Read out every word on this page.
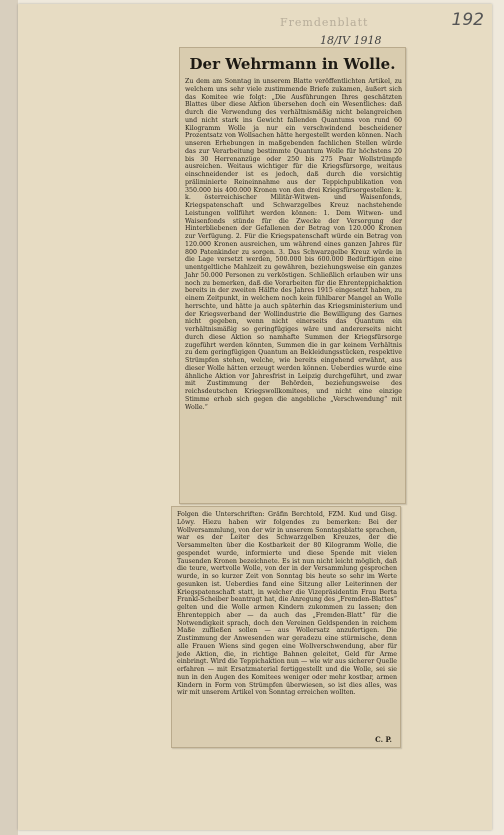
Fremdenblatt
18/IV 1918
192
Der Wehrmann in Wolle.

Zu dem am Sonntag in unserem Blatte veröffentlichten Artikel, zu welchem uns sehr viele zustimmende Briefe zukamen, äußert sich das Komitee wie folgt: „Die Ausführungen Ihres geschätzten Blattes über diese Aktion übersehen doch ein Wesentliches: daß durch die Verwendung des verhältnismäßig nicht belangreichen und nicht stark ins Gewicht fallenden Quantums von rund 60 Kilogramm Wolle ja nur ein verschwindend bescheidener Prozentsatz von Wollsachen hätte hergestellt werden können. Nach unseren Erhebungen in maßgebenden fachlichen Stellen würde das zur Verarbeitung bestimmte Quantum Wolle für höchstens 20 bis 30 Herrenanzüge oder 250 bis 275 Paar Wollstrümpfe ausreichen. Weitaus wichtiger für die Kriegsfürsorge, weitaus einschneidender ist es jedoch, daß durch die vorsichtig präliminierte Reineinnahme aus der Teppichpublikation von 350.000 bis 400.000 Kronen von den drei Kriegsfürsorgestellen: k. k. österreichischer Militär-Witwen- und Waisenfonds, Kriegspatenschaft und Schwarzgelbes Kreuz nachstehende Leistungen vollführt werden können: 1. Dem Witwen- und Waisenfonds stünde für die Zwecke der Versorgung der Hinterbliebenen der Gefallenen der Betrag von 120.000 Kronen zur Verfügung. 2. Für die Kriegspatenschaft würde ein Betrag von 120.000 Kronen ausreichen, um während eines ganzen Jahres für 800 Patenkinder zu sorgen. 3. Das Schwarzgelbe Kreuz würde in die Lage versetzt werden, 500.000 bis 600.000 Bedürftigen eine unentgeltliche Mahlzeit zu gewähren, beziehungsweise ein ganzes Jahr 50.000 Personen zu verköstigen. Schließlich erlauben wir uns noch zu bemerken, daß die Vorarbeiten für die Ehrenteppichaktion bereits in der zweiten Hälfte des Jahres 1915 eingesetzt haben, zu einem Zeitpunkt, in welchem noch kein fühlbarer Mangel an Wolle herrschte, und hätte ja auch späterhin das Kriegsministerium und der Kriegsverband der Wollindustrie die Bewilligung des Garnes nicht gegeben, wenn nicht einerseits das Quantum ein verhältnismäßig so geringfügiges wäre und andererseits nicht durch diese Aktion so namhafte Summen der Kriegsfürsorge zugeführt werden könnten, Summen die in gar keinem Verhältnis zu dem geringfügigen Quantum an Bekleidungsstücken, respektive Strümpfen stehen, welche, wie bereits eingehend erwähnt, aus dieser Wolle hätten erzeugt werden können. Ueberdies wurde eine ähnliche Aktion vor Jahresfrist in Leipzig durchgeführt, und zwar mit Zustimmung der Behörden, beziehungsweise des reichsdeutschen Kriegswollkomitees, und nicht eine einzige Stimme erhob sich gegen die angebliche „Verschwendung“ mit Wolle.“

Folgen die Unterschriften: Gräfin Berchtold, FZM. Kud und Gisg. Löwy. Hiezu haben wir folgendes zu bemerken: Bei der Wollversammlung, von der wir in unserem Sonntagsblatte sprachen, war es der Leiter des Schwarzgelben Kreuzes, der die Versammelten über die Kostbarkeit der 80 Kilogramm Wolle, die gespendet wurde, informierte und diese Spende mit vielen Tausenden Kronen bezeichnete. Es ist nun nicht leicht möglich, daß die teure, wertvolle Wolle, von der in der Versammlung gesprochen wurde, in so kurzer Zeit von Sonntag bis heute so sehr im Werte gesunken ist. Ueberdies fand eine Sitzung aller Leiterinnen der Kriegspatenschaft statt, in welcher die Vizepräsidentin Frau Berta Frankl-Scheiber beantragt hat, die Anregung des „Fremden-Blattes“ gelten und die Wolle armen Kindern zukommen zu lassen; den Ehrenteppich aber — da auch das „Fremden-Blatt“ für die Notwendigkeit sprach, doch den Vereinen Geldspenden in reichem Maße zufließen sollen — aus Wollersatz anzufertigen. Die Zustimmung der Anwesenden war geradezu eine stürmische, denn alle Frauen Wiens sind gegen eine Wollverschwendung, aber für jede Aktion, die, in richtige Bahnen geleitet, Geld für Arme einbringt. Wird die Teppichaktion nun — wie wir aus sicherer Quelle erfahren — mit Ersatzmaterial fertiggestellt und die Wolle, sei sie nun in den Augen des Komitees weniger oder mehr kostbar, armen Kindern in Form von Strümpfen überwiesen, so ist dies alles, was wir mit unserem Artikel von Sonntag erreichen wollten.

C. P.
